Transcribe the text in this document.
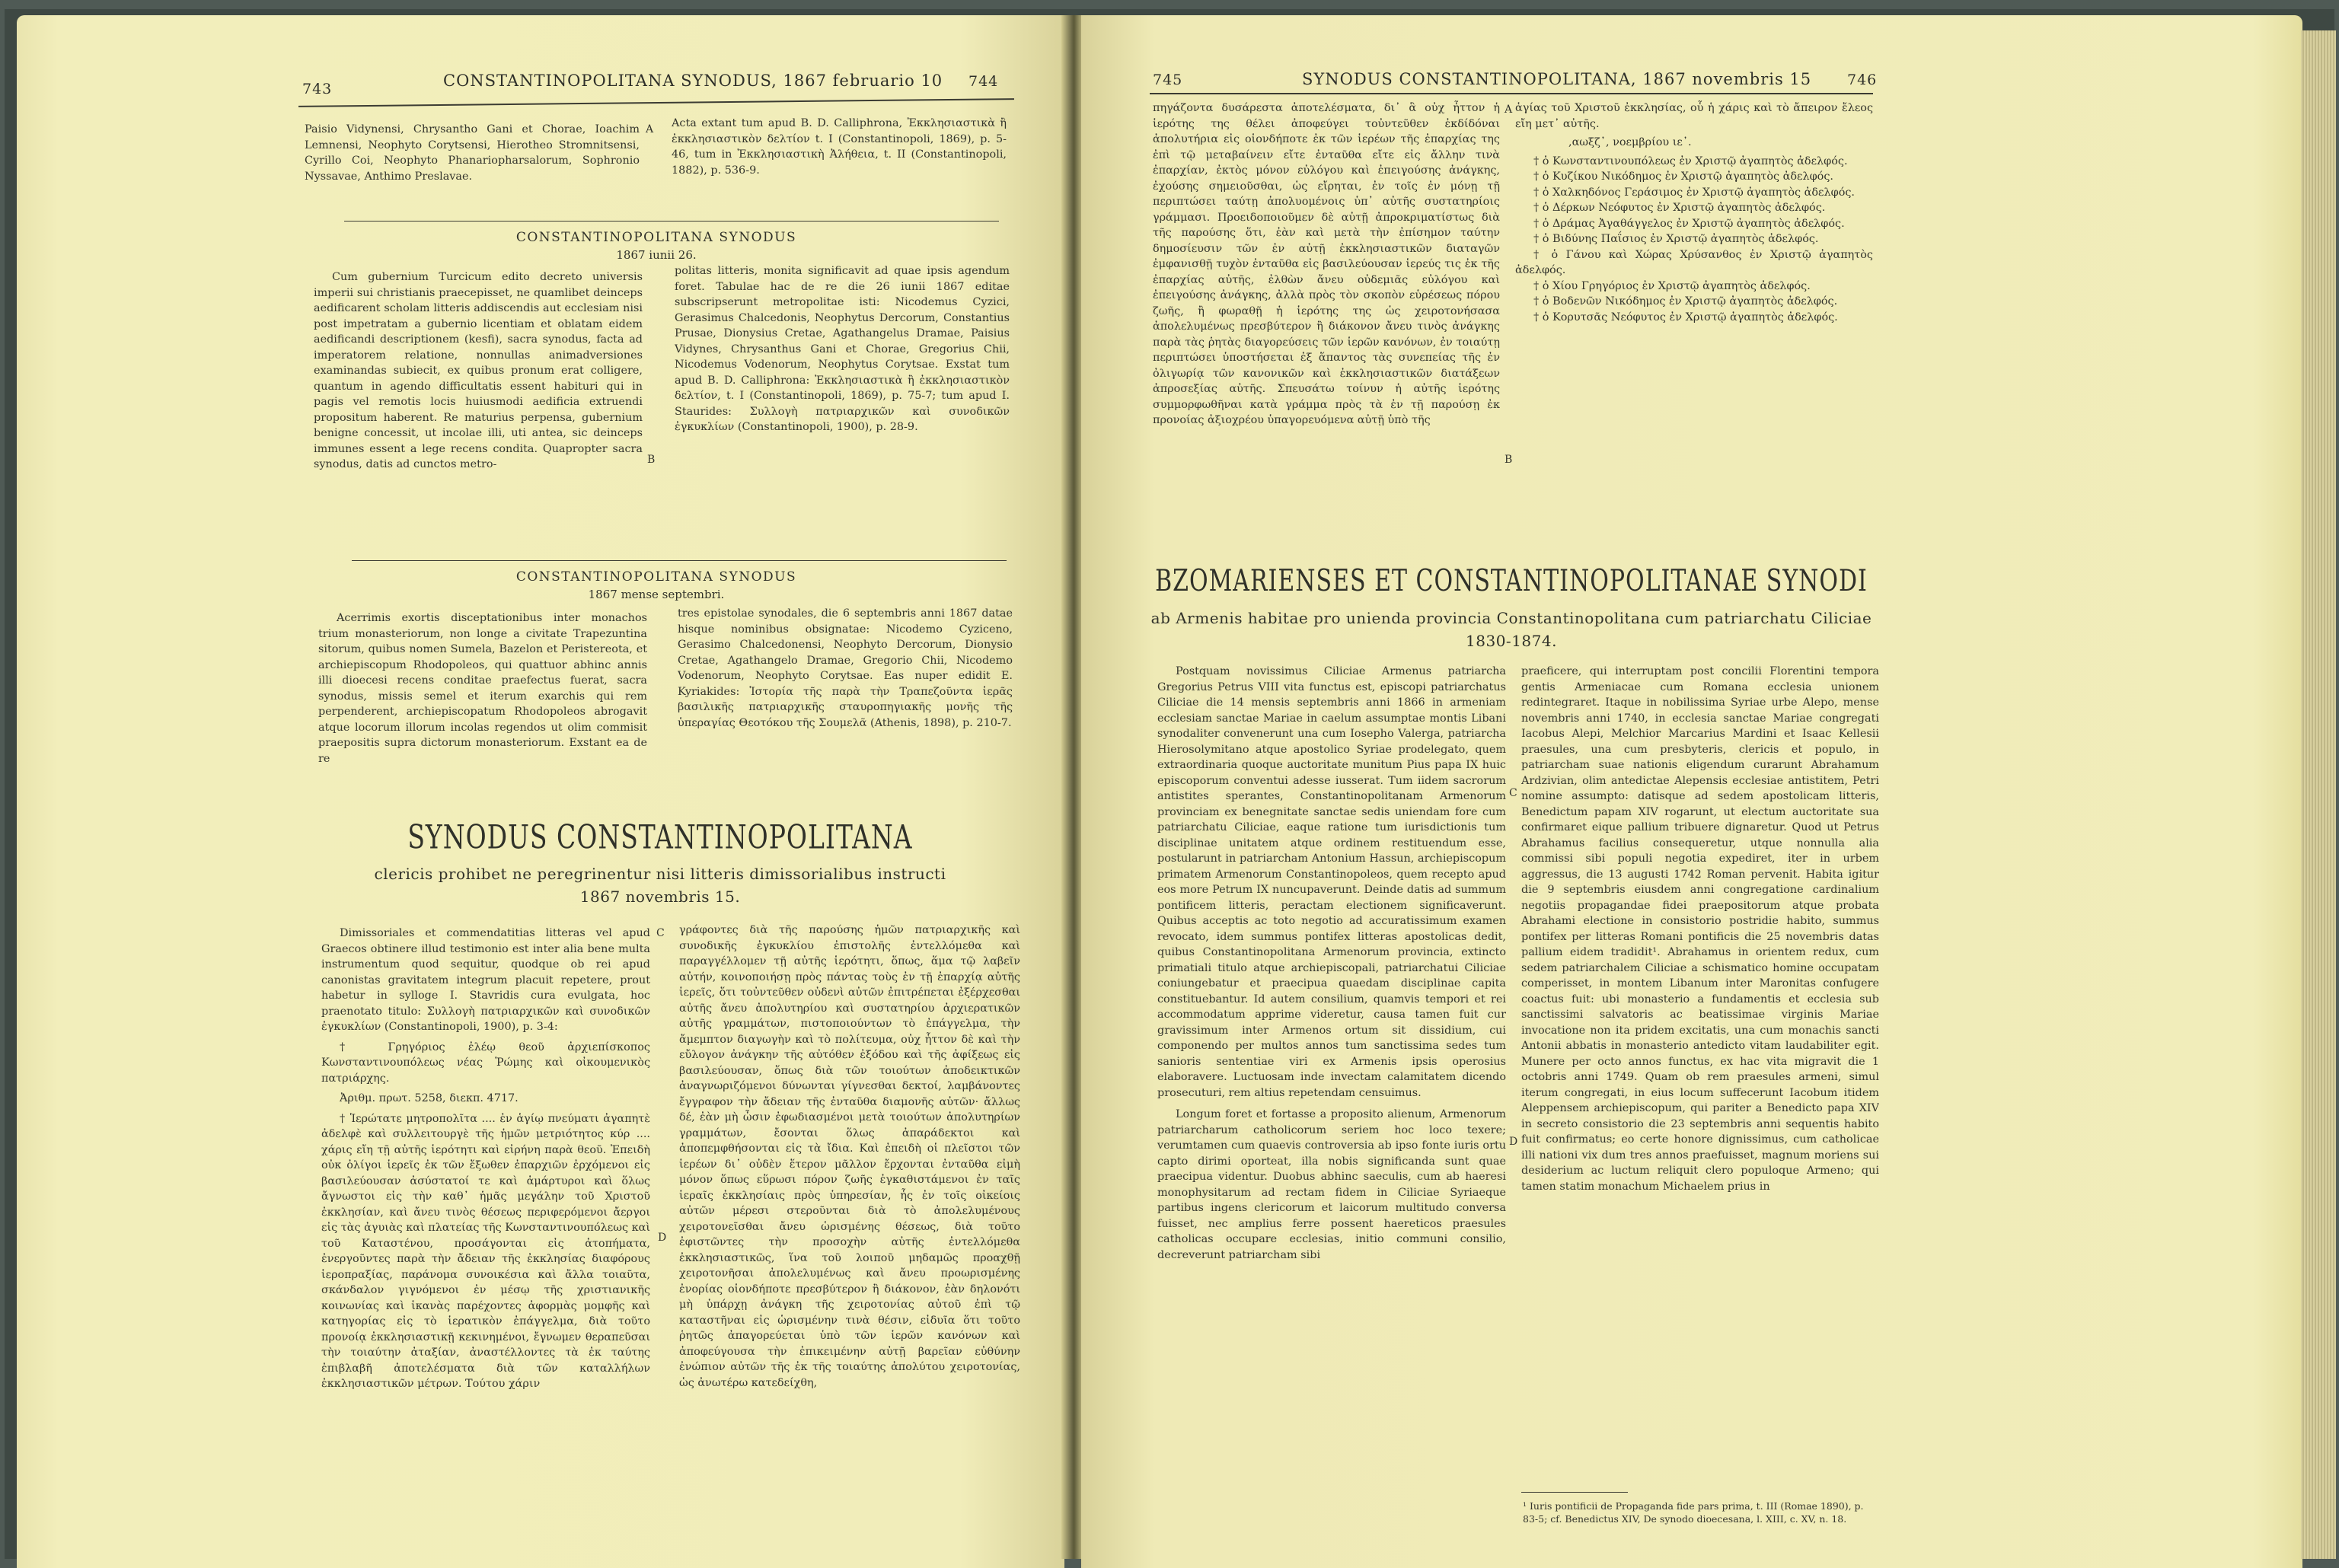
743	CONSTANTINOPOLITANA SYNODUS, 1867 februario 10 744

Paisio Vidynensi, Chrysantho Gani et Chorae, Ioachim Lemnensi, Neophyto Corytsensi, Hierotheo Stromnitsensi, Cyrillo Coi, Neophyto Phanariopharsalorum, Sophronio Nyssavae, Anthimo Preslavae.

A Acta extant tum apud B. D. Calliphrona, Ἐκκλησιαστικὰ ἢ ἐκκλησιαστικὸν δελτίον t. I (Constantinopoli, 1869), p. 5-46, tum in Ἐκκλησιαστικὴ Ἀλήθεια, t. II (Constantinopoli, 1882), p. 536-9.

CONSTANTINOPOLITANA SYNODUS
1867 iunii 26.

Cum gubernium Turcicum edito decreto universis imperii sui christianis praecepisset, ne quamlibet deinceps aedificarent scholam litteris addiscendis aut ecclesiam nisi post impetratam a gubernio licentiam et oblatam eidem aedificandi descriptionem (kesfi), sacra synodus, facta ad imperatorem relatione, nonnullas animadversiones examinandas subiecit, ex quibus pronum erat colligere, quantum in agendo difficultatis essent habituri qui in pagis vel remotis locis huiusmodi aedificia extruendi propositum haberent. Re maturius perpensa, gubernium benigne concessit, ut incolae illi, uti antea, sic deinceps immunes essent a lege recens condita. Quapropter sacra synodus, datis ad cunctos metro-	B

politas litteris, monita significavit ad quae ipsis agendum foret. Tabulae hac de re die 26 iunii 1867 editae subscripserunt metropolitae isti: Nicodemus Cyzici, Gerasimus Chalcedonis, Neophytus Dercorum, Constantius Prusae, Dionysius Cretae, Agathangelus Dramae, Paisius Vidynes, Chrysanthus Gani et Chorae, Gregorius Chii, Nicodemus Vodenorum, Neophytus Corytsae. Exstat tum apud B. D. Calliphrona: Ἐκκλησιαστικὰ ἢ ἐκκλησιαστικὸν δελτίον, t. I (Constantinopoli, 1869), p. 75-7; tum apud I. Staurides: Συλλογὴ πατριαρχικῶν καὶ συνοδικῶν ἐγκυκλίων (Constantinopoli, 1900), p. 28-9.

CONSTANTINOPOLITANA SYNODUS
1867 mense septembri.

Acerrimis exortis disceptationibus inter monachos trium monasteriorum, non longe a civitate Trapezuntina sitorum, quibus nomen Sumela, Bazelon et Peristereota, et archiepiscopum Rhodopoleos, qui quattuor abhinc annis illi dioecesi recens conditae praefectus fuerat, sacra synodus, missis semel et iterum exarchis qui rem perpenderent, archiepiscopatum Rhodopoleos abrogavit atque locorum illorum incolas regendos ut olim commisit praepositis supra dictorum monasteriorum. Exstant ea de re

tres epistolae synodales, die 6 septembris anni 1867 datae hisque nominibus obsignatae: Nicodemo Cyziceno, Gerasimo Chalcedonensi, Neophyto Dercorum, Dionysio Cretae, Agathangelo Dramae, Gregorio Chii, Nicodemo Vodenorum, Neophyto Corytsae. Eas nuper edidit E. Kyriakides: Ἱστορία τῆς παρὰ τὴν Τραπεζοῦντα ἱερᾶς βασιλικῆς πατριαρχικῆς σταυροπηγιακῆς μονῆς τῆς ὑπεραγίας Θεοτόκου τῆς Σουμελᾶ (Athenis, 1898), p. 210-7.

SYNODUS CONSTANTINOPOLITANA
clericis prohibet ne peregrinentur nisi litteris dimissorialibus instructi
1867 novembris 15.

Dimissoriales et commendatitias litteras vel apud Graecos obtinere illud testimonio est inter alia bene multa instrumentum quod sequitur, quodque ob rei apud canonistas gravitatem integrum placuit repetere, prout habetur in sylloge I. Stavridis cura evulgata, hoc praenotato titulo: Συλλογὴ πατριαρχικῶν καὶ συνοδικῶν ἐγκυκλίων (Constantinopoli, 1900), p. 3-4:

† Γρηγόριος ἐλέῳ θεοῦ ἀρχιεπίσκοπος Κωνσταντινουπόλεως νέας Ῥώμης καὶ οἰκουμενικὸς πατριάρχης.

Ἀριθμ. πρωτ. 5258, διεκπ. 4717.

† Ἱερώτατε μητροπολῖτα .... ἐν ἁγίῳ πνεύματι ἀγαπητὲ ἀδελφὲ καὶ συλλειτουργὲ τῆς ἡμῶν μετριότητος κύρ .... χάρις εἴη τῇ αὐτῆς ἱερότητι καὶ εἰρήνη παρὰ θεοῦ. Ἐπειδὴ οὐκ ὀλίγοι ἱερεῖς ἐκ τῶν ἔξωθεν ἐπαρχιῶν ἐρχόμενοι εἰς βασιλεύουσαν ἀσύστατοί τε καὶ ἁμάρτυροι καὶ ὅλως ἄγνωστοι εἰς τὴν καθ᾽ ἡμᾶς μεγάλην τοῦ Χριστοῦ ἐκκλησίαν, καὶ ἄνευ τινὸς θέσεως περιφερόμενοι ἄεργοι εἰς τὰς ἀγυιὰς καὶ πλατείας τῆς Κωνσταντινουπόλεως καὶ τοῦ Καταστένου, προσάγονται εἰς ἀτοπήματα, ἐνεργοῦντες παρὰ τὴν ἄδειαν τῆς ἐκκλησίας διαφόρους ἱεροπραξίας, παράνομα συνοικέσια καὶ ἄλλα τοιαῦτα, σκάνδαλον γιγνόμενοι ἐν μέσῳ τῆς χριστιανικῆς κοινωνίας καὶ ἱκανὰς παρέχοντες ἀφορμὰς μομφῆς καὶ κατηγορίας εἰς τὸ ἱερατικὸν ἐπάγγελμα, διὰ τοῦτο προνοίᾳ ἐκκλησιαστικῇ κεκινημένοι, ἔγνωμεν θεραπεῦσαι τὴν τοιαύτην ἀταξίαν, ἀναστέλλοντες τὰ ἐκ ταύτης ἐπιβλαβῆ ἀποτελέσματα διὰ τῶν καταλλήλων ἐκκλησιαστικῶν μέτρων. Τούτου χάριν

C
D

γράφοντες διὰ τῆς παρούσης ἡμῶν πατριαρχικῆς καὶ συνοδικῆς ἐγκυκλίου ἐπιστολῆς ἐντελλόμεθα καὶ παραγγέλλομεν τῇ αὐτῆς ἱερότητι, ὅπως, ἅμα τῷ λαβεῖν αὐτήν, κοινοποιήσῃ πρὸς πάντας τοὺς ἐν τῇ ἐπαρχίᾳ αὐτῆς ἱερεῖς, ὅτι τοὐντεῦθεν οὐδενὶ αὐτῶν ἐπιτρέπεται ἐξέρχεσθαι αὐτῆς ἄνευ ἀπολυτηρίου καὶ συστατηρίου ἀρχιερατικῶν αὐτῆς γραμμάτων, πιστοποιούντων τὸ ἐπάγγελμα, τὴν ἄμεμπτον διαγωγὴν καὶ τὸ πολίτευμα, οὐχ ἧττον δὲ καὶ τὴν εὔλογον ἀνάγκην τῆς αὐτόθεν ἐξόδου καὶ τῆς ἀφίξεως εἰς βασιλεύουσαν, ὅπως διὰ τῶν τοιούτων ἀποδεικτικῶν ἀναγνωριζόμενοι δύνωνται γίγνεσθαι δεκτοί, λαμβάνοντες ἔγγραφον τὴν ἄδειαν τῆς ἐνταῦθα διαμονῆς αὐτῶν· ἄλλως δέ, ἐὰν μὴ ὦσιν ἐφωδιασμένοι μετὰ τοιούτων ἀπολυτηρίων γραμμάτων, ἔσονται ὅλως ἀπαράδεκτοι καὶ ἀποπεμφθήσονται εἰς τὰ ἴδια. Καὶ ἐπειδὴ οἱ πλεῖστοι τῶν ἱερέων δι᾽ οὐδὲν ἕτερον μᾶλλον ἔρχονται ἐνταῦθα εἰμὴ μόνον ὅπως εὕρωσι πόρον ζωῆς ἐγκαθιστάμενοι ἐν ταῖς ἱεραῖς ἐκκλησίαις πρὸς ὑπηρεσίαν, ἧς ἐν τοῖς οἰκείοις αὐτῶν μέρεσι στεροῦνται διὰ τὸ ἀπολελυμένους χειροτονεῖσθαι ἄνευ ὡρισμένης θέσεως, διὰ τοῦτο ἐφιστῶντες τὴν προσοχὴν αὐτῆς ἐντελλόμεθα ἐκκλησιαστικῶς, ἵνα τοῦ λοιποῦ μηδαμῶς προαχθῇ χειροτονῆσαι ἀπολελυμένως καὶ ἄνευ προωρισμένης ἐνορίας οἱονδήποτε πρεσβύτερον ἢ διάκονον, ἐὰν δηλονότι μὴ ὑπάρχῃ ἀνάγκη τῆς χειροτονίας αὐτοῦ ἐπὶ τῷ καταστῆναι εἰς ὡρισμένην τινὰ θέσιν, εἰδυῖα ὅτι τοῦτο ῥητῶς ἀπαγορεύεται ὑπὸ τῶν ἱερῶν κανόνων καὶ ἀποφεύγουσα τὴν ἐπικειμένην αὐτῇ βαρεῖαν εὐθύνην ἐνώπιον αὐτῶν τῆς ἐκ τῆς τοιαύτης ἀπολύτου χειροτονίας, ὡς ἀνωτέρω κατεδείχθη,

745	SYNODUS CONSTANTINOPOLITANA, 1867 novembris 15 746

πηγάζοντα δυσάρεστα ἀποτελέσματα, δι᾽ ἃ οὐχ ἧττον ἡ ἱερότης της θέλει ἀποφεύγει τοὐντεῦθεν ἐκδίδόναι ἀπολυτήρια εἰς οἱονδήποτε ἐκ τῶν ἱερέων τῆς ἐπαρχίας της ἐπὶ τῷ μεταβαίνειν εἴτε ἐνταῦθα εἴτε εἰς ἄλλην τινὰ ἐπαρχίαν, ἐκτὸς μόνον εὐλόγου καὶ ἐπειγούσης ἀνάγκης, ἐχούσης σημειοῦσθαι, ὡς εἴρηται, ἐν τοῖς ἐν μόνῃ τῇ περιπτώσει ταύτῃ ἀπολυομένοις ὑπ᾽ αὐτῆς συστατηρίοις γράμμασι. Προειδοποιοῦμεν δὲ αὐτῇ ἀπροκριματίστως διὰ τῆς παρούσης ὅτι, ἐὰν καὶ μετὰ τὴν ἐπίσημον ταύτην δημοσίευσιν τῶν ἐν αὐτῇ ἐκκλησιαστικῶν διαταγῶν ἐμφανισθῇ τυχὸν ἐνταῦθα εἰς βασιλεύουσαν ἱερεύς τις ἐκ τῆς ἐπαρχίας αὐτῆς, ἐλθὼν ἄνευ οὐδεμιᾶς εὐλόγου καὶ ἐπειγούσης ἀνάγκης, ἀλλὰ πρὸς τὸν σκοπὸν εὑρέσεως πόρου ζωῆς, ἢ φωραθῇ ἡ ἱερότης της ὡς χειροτονήσασα ἀπολελυμένως πρεσβύτερον ἢ διάκονον ἄνευ τινὸς ἀνάγκης παρὰ τὰς ῥητὰς διαγορεύσεις τῶν ἱερῶν κανόνων, ἐν τοιαύτῃ περιπτώσει ὑποστήσεται ἐξ ἅπαντος τὰς συνεπείας τῆς ἐν ὀλιγωρίᾳ τῶν κανονικῶν καὶ ἐκκλησιαστικῶν διατάξεων ἀπροσεξίας αὐτῆς. Σπευσάτω τοίνυν ἡ αὐτῆς ἱερότης συμμορφωθῆναι κατὰ γράμμα πρὸς τὰ ἐν τῇ παρούσῃ ἐκ προνοίας ἀξιοχρέου ὑπαγορευόμενα αὐτῇ ὑπὸ τῆς

A
B

ἁγίας τοῦ Χριστοῦ ἐκκλησίας, οὗ ἡ χάρις καὶ τὸ ἄπειρον ἔλεος εἴη μετ᾽ αὐτῆς.

,αωξζ᾽, νοεμβρίου ιε᾽.

† ὁ Κωνσταντινουπόλεως ἐν Χριστῷ ἀγαπητὸς ἀδελφός.

† ὁ Κυζίκου Νικόδημος ἐν Χριστῷ ἀγαπητὸς ἀδελφός.

† ὁ Χαλκηδόνος Γεράσιμος ἐν Χριστῷ ἀγαπητὸς ἀδελφός.

† ὁ Δέρκων Νεόφυτος ἐν Χριστῷ ἀγαπητὸς ἀδελφός.

† ὁ Δράμας Ἀγαθάγγελος ἐν Χριστῷ ἀγαπητὸς ἀδελφός.

† ὁ Βιδύνης Παΐσιος ἐν Χριστῷ ἀγαπητὸς ἀδελφός.

† ὁ Γάνου καὶ Χώρας Χρύσανθος ἐν Χριστῷ ἀγαπητὸς ἀδελφός.

† ὁ Χίου Γρηγόριος ἐν Χριστῷ ἀγαπητὸς ἀδελφός.

† ὁ Βοδενῶν Νικόδημος ἐν Χριστῷ ἀγαπητὸς ἀδελφός.

† ὁ Κορυτσᾶς Νεόφυτος ἐν Χριστῷ ἀγαπητὸς ἀδελφός.

BZOMARIENSES ET CONSTANTINOPOLITANAE SYNODI
ab Armenis habitae pro unienda provincia Constantinopolitana cum patriarchatu Ciliciae
1830-1874.

Postquam novissimus Ciliciae Armenus patriarcha Gregorius Petrus VIII vita functus est, episcopi patriarchatus Ciliciae die 14 mensis septembris anni 1866 in armeniam ecclesiam sanctae Mariae in caelum assumptae montis Libani synodaliter convenerunt una cum Iosepho Valerga, patriarcha Hierosolymitano atque apostolico Syriae prodelegato, quem extraordinaria quoque auctoritate munitum Pius papa IX huic episcoporum conventui adesse iusserat. Tum iidem sacrorum antistites sperantes, Constantinopolitanam Armenorum provinciam ex benegnitate sanctae sedis uniendam fore cum patriarchatu Ciliciae, eaque ratione tum iurisdictionis tum disciplinae unitatem atque ordinem restituendum esse, postularunt in patriarcham Antonium Hassun, archiepiscopum primatem Armenorum Constantinopoleos, quem recepto apud eos more Petrum IX nuncupaverunt. Deinde datis ad summum pontificem litteris, peractam electionem significaverunt. Quibus acceptis ac toto negotio ad accuratissimum examen revocato, idem summus pontifex litteras apostolicas dedit, quibus Constantinopolitana Armenorum provincia, extincto primatiali titulo atque archiepiscopali, patriarchatui Ciliciae coniungebatur et praecipua quaedam disciplinae capita constituebantur. Id autem consilium, quamvis tempori et rei accommodatum apprime videretur, causa tamen fuit cur gravissimum inter Armenos ortum sit dissidium, cui componendo per multos annos tum sanctissima sedes tum sanioris sententiae viri ex Armenis ipsis operosius elaboravere. Luctuosam inde invectam calamitatem dicendo prosecuturi, rem altius repetendam censuimus.

Longum foret et fortasse a proposito alienum, Armenorum patriarcharum catholicorum seriem hoc loco texere; verumtamen cum quaevis controversia ab ipso fonte iuris ortu capto dirimi oporteat, illa nobis significanda sunt quae praecipua videntur. Duobus abhinc saeculis, cum ab haeresi monophysitarum ad rectam fidem in Ciliciae Syriaeque partibus ingens clericorum et laicorum multitudo conversa fuisset, nec amplius ferre possent haereticos praesules catholicas occupare ecclesias, initio communi consilio, decreverunt patriarcham sibi

C
D

praeficere, qui interruptam post concilii Florentini tempora gentis Armeniacae cum Romana ecclesia unionem redintegraret. Itaque in nobilissima Syriae urbe Alepo, mense novembris anni 1740, in ecclesia sanctae Mariae congregati Iacobus Alepi, Melchior Marcarius Mardini et Isaac Kellesii praesules, una cum presbyteris, clericis et populo, in patriarcham suae nationis eligendum curarunt Abrahamum Ardzivian, olim antedictae Alepensis ecclesiae antistitem, Petri nomine assumpto: datisque ad sedem apostolicam litteris, Benedictum papam XIV rogarunt, ut electum auctoritate sua confirmaret eique pallium tribuere dignaretur. Quod ut Petrus Abrahamus facilius consequeretur, utque nonnulla alia commissi sibi populi negotia expediret, iter in urbem aggressus, die 13 augusti 1742 Roman pervenit. Habita igitur die 9 septembris eiusdem anni congregatione cardinalium negotiis propagandae fidei praepositorum atque probata Abrahami electione in consistorio postridie habito, summus pontifex per litteras Romani pontificis die 25 novembris datas pallium eidem tradidit¹. Abrahamus in orientem redux, cum sedem patriarchalem Ciliciae a schismatico homine occupatam comperisset, in montem Libanum inter Maronitas confugere coactus fuit: ubi monasterio a fundamentis et ecclesia sub sanctissimi salvatoris ac beatissimae virginis Mariae invocatione non ita pridem excitatis, una cum monachis sancti Antonii abbatis in monasterio antedicto vitam laudabiliter egit. Munere per octo annos functus, ex hac vita migravit die 1 octobris anni 1749. Quam ob rem praesules armeni, simul iterum congregati, in eius locum suffecerunt Iacobum itidem Aleppensem archiepiscopum, qui pariter a Benedicto papa XIV in secreto consistorio die 23 septembris anni sequentis habito fuit confirmatus; eo certe honore dignissimus, cum catholicae illi nationi vix dum tres annos praefuisset, magnum moriens sui desiderium ac luctum reliquit clero populoque Armeno; qui tamen statim monachum Michaelem prius in

¹ Iuris pontificii de Propaganda fide pars prima, t. III (Romae 1890), p. 83-5; cf. Benedictus XIV, De synodo dioecesana, l. XIII, c. XV, n. 18.
